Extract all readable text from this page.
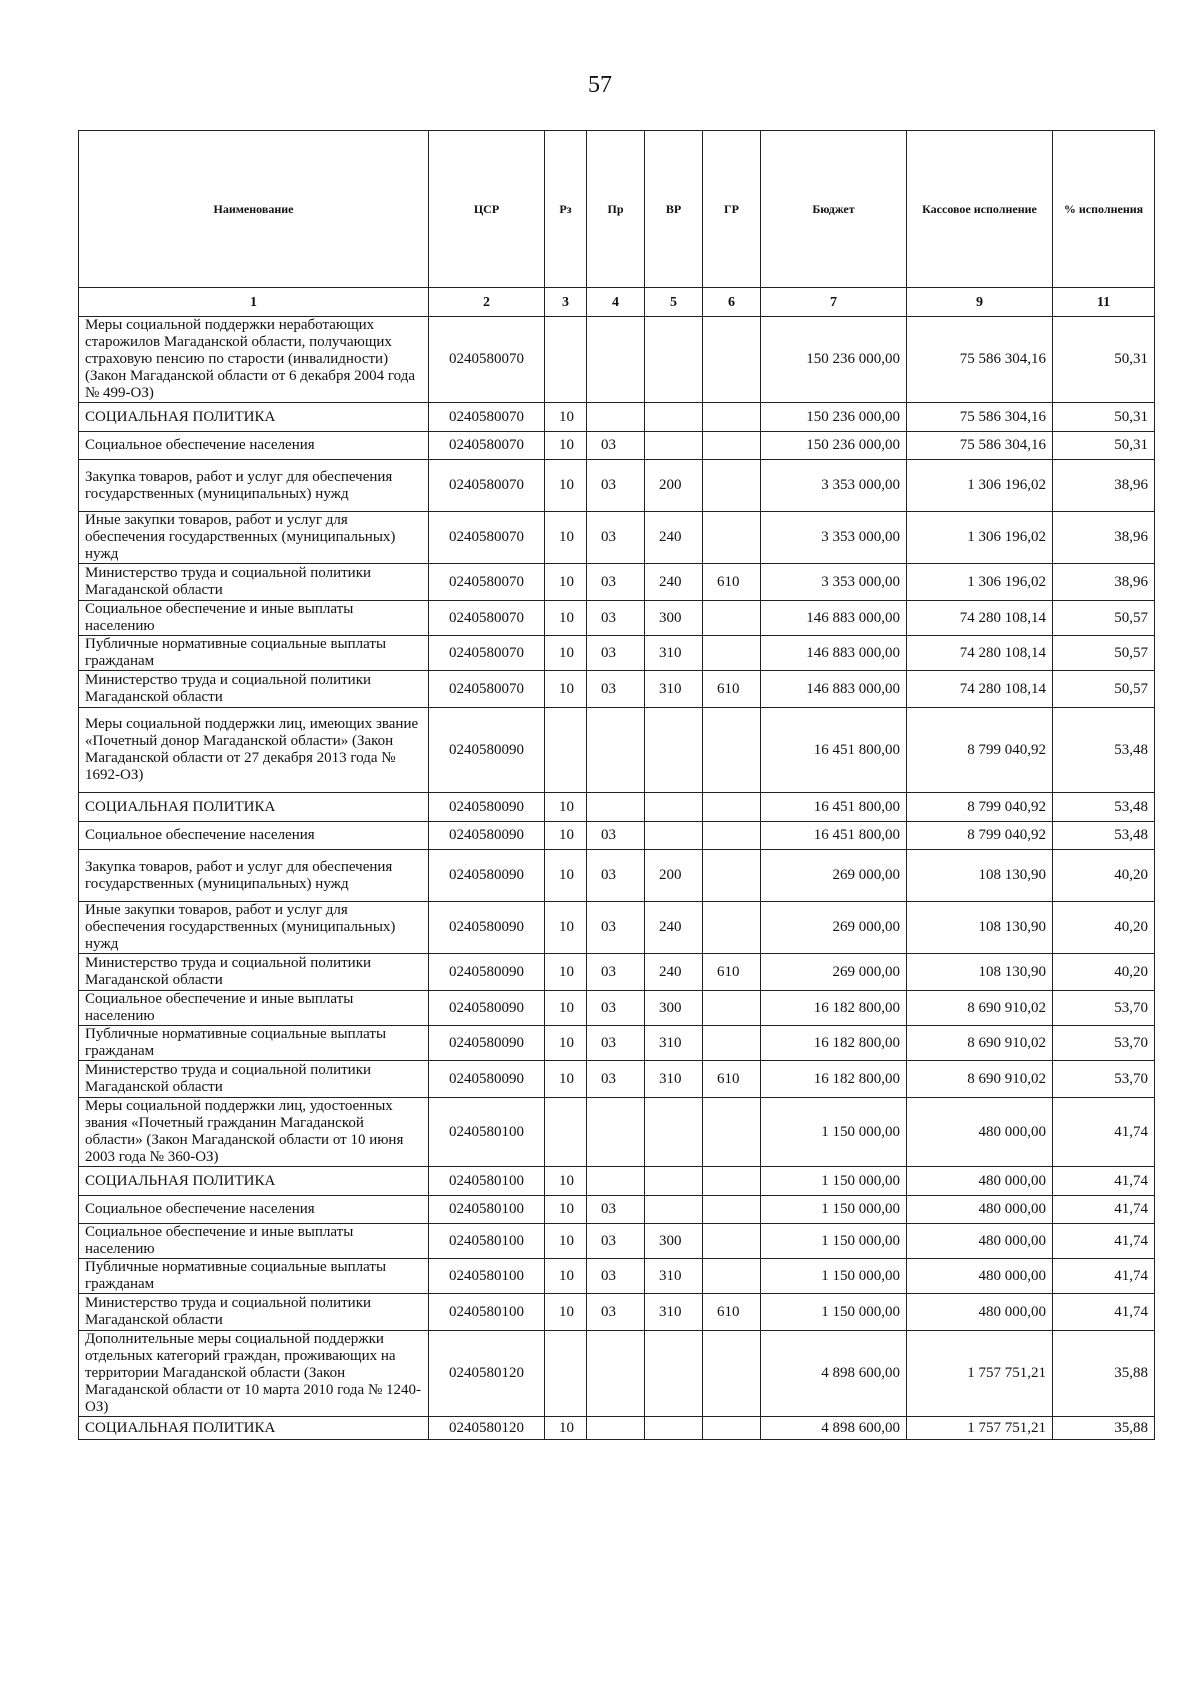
57
Наименование	ЦСР	Рз	Пр	ВР	ГР	Бюджет	Кассовое исполнение	% исполнения
1	2	3	4	5	6	7	9	11
Меры социальной поддержки неработающих старожилов Магаданской области, получающих страховую пенсию по старости (инвалидности) (Закон Магаданской области от 6 декабря 2004 года № 499-ОЗ)	0240580070					150 236 000,00	75 586 304,16	50,31
СОЦИАЛЬНАЯ ПОЛИТИКА	0240580070	10				150 236 000,00	75 586 304,16	50,31
Социальное обеспечение населения	0240580070	10	03			150 236 000,00	75 586 304,16	50,31
Закупка товаров, работ и услуг для обеспечения государственных (муниципальных) нужд	0240580070	10	03	200		3 353 000,00	1 306 196,02	38,96
Иные закупки товаров, работ и услуг для обеспечения государственных (муниципальных) нужд	0240580070	10	03	240		3 353 000,00	1 306 196,02	38,96
Министерство труда и социальной политики Магаданской области	0240580070	10	03	240	610	3 353 000,00	1 306 196,02	38,96
Социальное обеспечение и иные выплаты населению	0240580070	10	03	300		146 883 000,00	74 280 108,14	50,57
Публичные нормативные социальные выплаты гражданам	0240580070	10	03	310		146 883 000,00	74 280 108,14	50,57
Министерство труда и социальной политики Магаданской области	0240580070	10	03	310	610	146 883 000,00	74 280 108,14	50,57
Меры социальной поддержки лиц, имеющих звание «Почетный донор Магаданской области» (Закон Магаданской области от 27 декабря 2013 года № 1692-ОЗ)	0240580090					16 451 800,00	8 799 040,92	53,48
СОЦИАЛЬНАЯ ПОЛИТИКА	0240580090	10				16 451 800,00	8 799 040,92	53,48
Социальное обеспечение населения	0240580090	10	03			16 451 800,00	8 799 040,92	53,48
Закупка товаров, работ и услуг для обеспечения государственных (муниципальных) нужд	0240580090	10	03	200		269 000,00	108 130,90	40,20
Иные закупки товаров, работ и услуг для обеспечения государственных (муниципальных) нужд	0240580090	10	03	240		269 000,00	108 130,90	40,20
Министерство труда и социальной политики Магаданской области	0240580090	10	03	240	610	269 000,00	108 130,90	40,20
Социальное обеспечение и иные выплаты населению	0240580090	10	03	300		16 182 800,00	8 690 910,02	53,70
Публичные нормативные социальные выплаты гражданам	0240580090	10	03	310		16 182 800,00	8 690 910,02	53,70
Министерство труда и социальной политики Магаданской области	0240580090	10	03	310	610	16 182 800,00	8 690 910,02	53,70
Меры социальной поддержки лиц, удостоенных звания «Почетный гражданин Магаданской области» (Закон Магаданской области от 10 июня 2003 года № 360-ОЗ)	0240580100					1 150 000,00	480 000,00	41,74
СОЦИАЛЬНАЯ ПОЛИТИКА	0240580100	10				1 150 000,00	480 000,00	41,74
Социальное обеспечение населения	0240580100	10	03			1 150 000,00	480 000,00	41,74
Социальное обеспечение и иные выплаты населению	0240580100	10	03	300		1 150 000,00	480 000,00	41,74
Публичные нормативные социальные выплаты гражданам	0240580100	10	03	310		1 150 000,00	480 000,00	41,74
Министерство труда и социальной политики Магаданской области	0240580100	10	03	310	610	1 150 000,00	480 000,00	41,74
Дополнительные меры социальной поддержки отдельных категорий граждан, проживающих на территории Магаданской области (Закон Магаданской области от 10 марта 2010 года № 1240-ОЗ)	0240580120					4 898 600,00	1 757 751,21	35,88
СОЦИАЛЬНАЯ ПОЛИТИКА	0240580120	10				4 898 600,00	1 757 751,21	35,88
